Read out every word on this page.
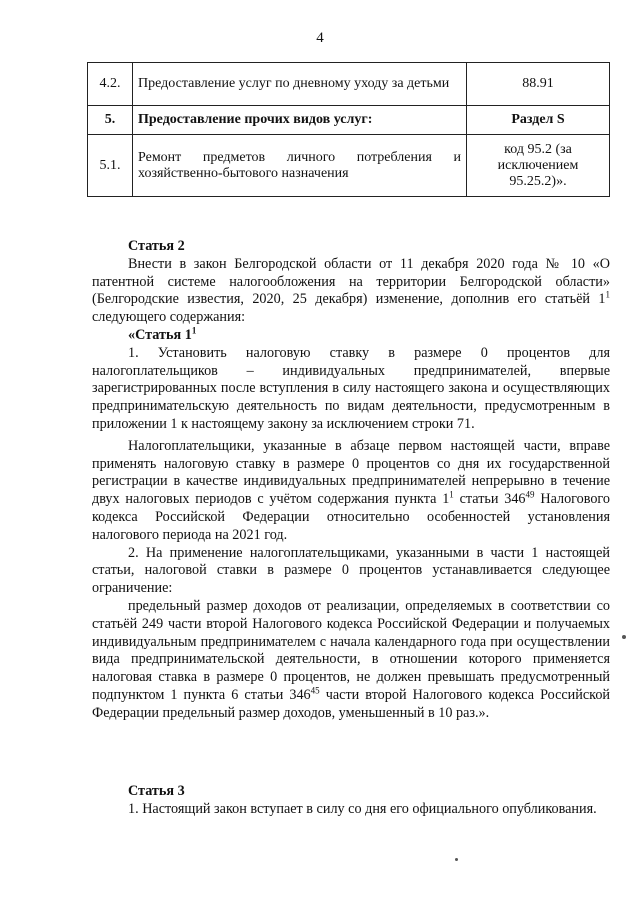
4
4.2.	Предоставление услуг по дневному уходу за детьми	88.91
5.	Предоставление прочих видов услуг:	Раздел S
5.1.	Ремонт предметов личного потребления и хозяйственно-бытового назначения	код 95.2 (за исключением 95.25.2)».

Статья 2

Внести в закон Белгородской области от 11 декабря 2020 года № 10 «О патентной системе налогообложения на территории Белгородской области» (Белгородские известия, 2020, 25 декабря) изменение, дополнив его статьёй $1^1$ следующего содержания:

«Статья $1^1$

1. Установить налоговую ставку в размере 0 процентов для налогоплательщиков – индивидуальных предпринимателей, впервые зарегистрированных после вступления в силу настоящего закона и осуществляющих предпринимательскую деятельность по видам деятельности, предусмотренным в приложении 1 к настоящему закону за исключением строки 71.

Налогоплательщики, указанные в абзаце первом настоящей части, вправе применять налоговую ставку в размере 0 процентов со дня их государственной регистрации в качестве индивидуальных предпринимателей непрерывно в течение двух налоговых периодов с учётом содержания пункта $1^1$ статьи $346^{49}$ Налогового кодекса Российской Федерации относительно особенностей установления налогового периода на 2021 год.

2. На применение налогоплательщиками, указанными в части 1 настоящей статьи, налоговой ставки в размере 0 процентов устанавливается следующее ограничение:

предельный размер доходов от реализации, определяемых в соответствии со статьёй 249 части второй Налогового кодекса Российской Федерации и получаемых индивидуальным предпринимателем с начала календарного года при осуществлении вида предпринимательской деятельности, в отношении которого применяется налоговая ставка в размере 0 процентов, не должен превышать предусмотренный подпунктом 1 пункта 6 статьи $346^{45}$ части второй Налогового кодекса Российской Федерации предельный размер доходов, уменьшенный в 10 раз.».

Статья 3

1. Настоящий закон вступает в силу со дня его официального опубликования.
